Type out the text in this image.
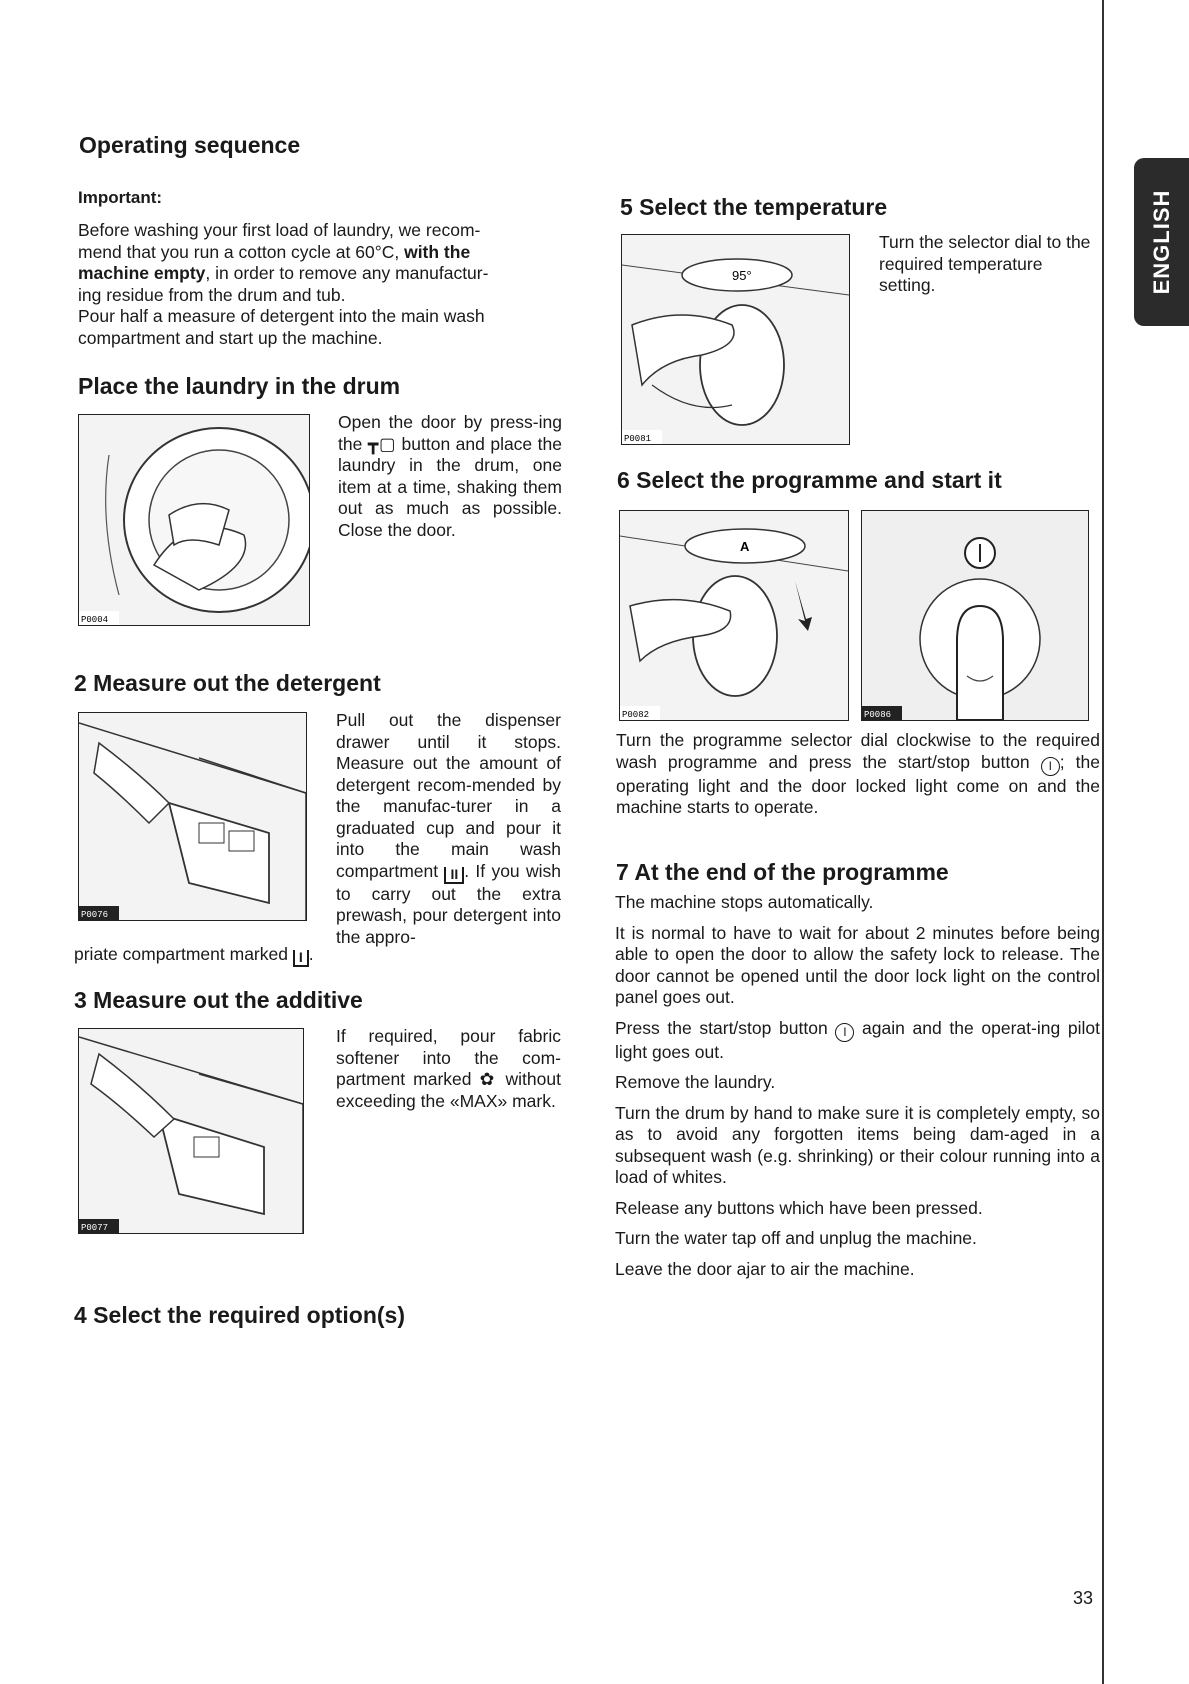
ENGLISH
Operating sequence
Important:

Before washing your first load of laundry, we recom-

mend that you run a cotton cycle at 60°C, with the

machine empty, in order to remove any manufactur-

ing residue from the drum and tub.

Pour half a measure of detergent into the main wash

compartment and start up the machine.

Place the laundry in the drum
P0004
Open the door by press-ing the ┳▢ button and place the laundry in the drum, one item at a time, shaking them out as much as possible. Close the door.
2 Measure out the detergent
P0076
Pull out the dispenser drawer until it stops. Measure out the amount of detergent recom-mended by the manufac-turer in a graduated cup and pour it into the main wash compartment II . If you wish to carry out the extra prewash, pour detergent into the appro-
priate compartment marked I .
3 Measure out the additive
P0077
If required, pour fabric softener into the com-partment marked ✿ without exceeding the «MAX» mark.
4 Select the required option(s)
5 Select the temperature
95°
P0081
Turn the selector dial to the required temperature setting.
6 Select the programme and start it
A
P0082	P0086
Turn the programme selector dial clockwise to the required wash programme and press the start/stop button I ; the operating light and the door locked light come on and the machine starts to operate.
7 At the end of the programme

The machine stops automatically.

It is normal to have to wait for about 2 minutes before being able to open the door to allow the safety lock to release. The door cannot be opened until the door lock light on the control panel goes out.

Press the start/stop button I again and the operat-ing pilot light goes out.

Remove the laundry.

Turn the drum by hand to make sure it is completely empty, so as to avoid any forgotten items being dam-aged in a subsequent wash (e.g. shrinking) or their colour running into a load of whites.

Release any buttons which have been pressed.

Turn the water tap off and unplug the machine.

Leave the door ajar to air the machine.

33
